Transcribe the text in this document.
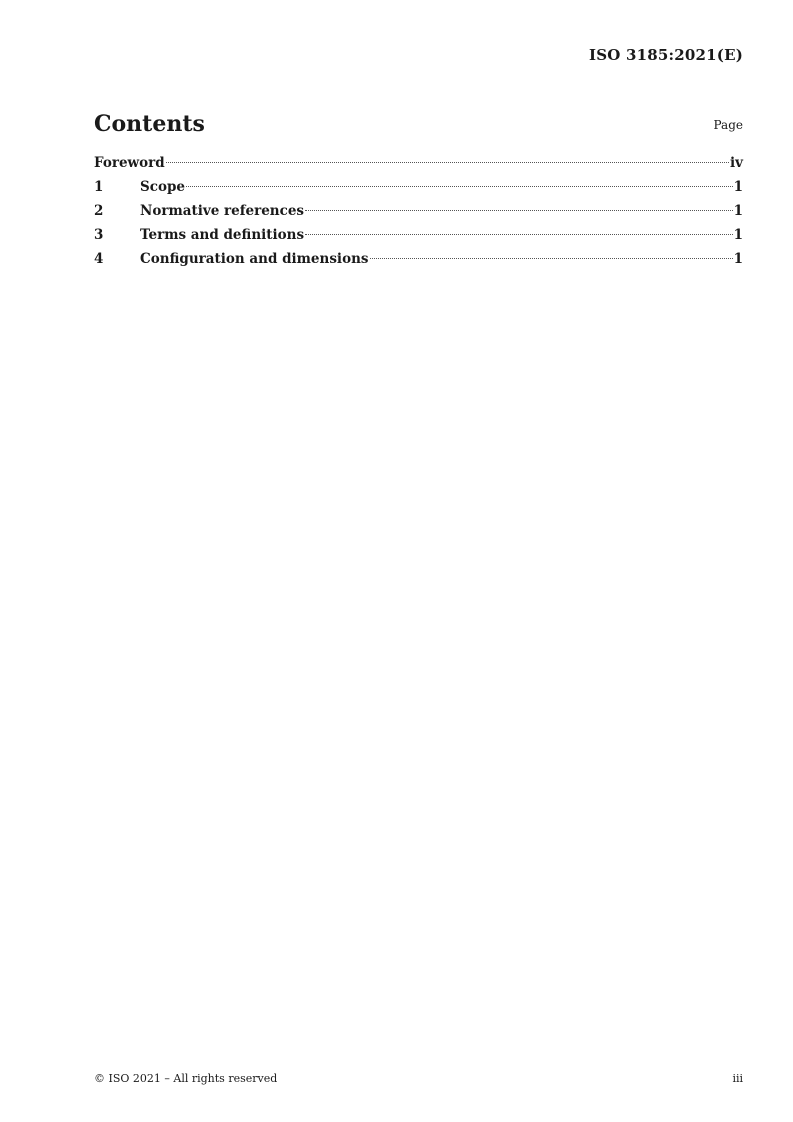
ISO 3185:2021(E)
Contents	Page
Foreword	iv
1	Scope	1
2	Normative references	1
3	Terms and definitions	1
4	Configuration and dimensions	1
© ISO 2021 – All rights reserved	iii
